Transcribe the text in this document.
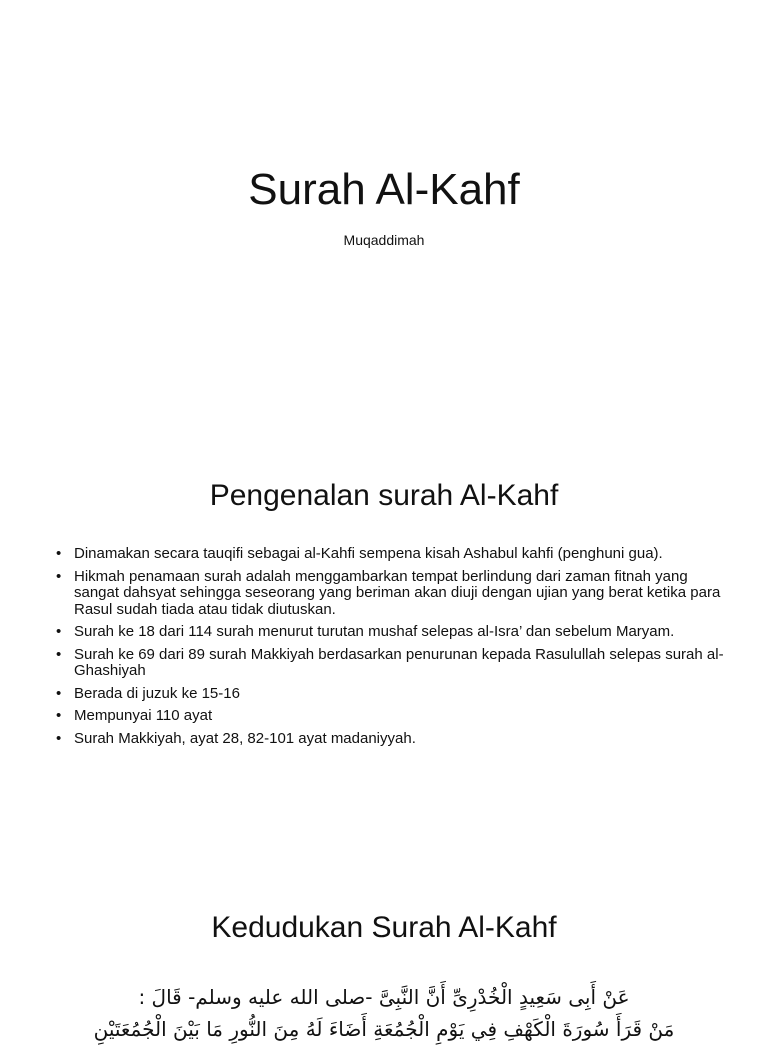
Surah Al-Kahf

Muqaddimah

Pengenalan surah Al-Kahf
• Dinamakan secara tauqifi sebagai al-Kahfi sempena kisah Ashabul kahfi (penghuni gua).
• Hikmah penamaan surah adalah menggambarkan tempat berlindung dari zaman fitnah yang sangat dahsyat sehingga seseorang yang beriman akan diuji dengan ujian yang berat ketika para Rasul sudah tiada atau tidak diutuskan.
• Surah ke 18 dari 114 surah menurut turutan mushaf selepas al-Isra’ dan sebelum Maryam.
• Surah ke 69 dari 89 surah Makkiyah berdasarkan penurunan kepada Rasulullah selepas surah al-Ghashiyah
• Berada di juzuk ke 15-16
• Mempunyai 110 ayat
• Surah Makkiyah, ayat 28, 82-101 ayat madaniyyah.
Kedudukan Surah Al-Kahf

عَنْ أَبِى سَعِيدٍ الْخُدْرِىِّ أَنَّ النَّبِىَّ -صلى الله عليه وسلم- قَالَ :

مَنْ قَرَأَ سُورَةَ الْكَهْفِ فِي يَوْمِ الْجُمُعَةِ أَضَاءَ لَهُ مِنَ النُّورِ مَا بَيْنَ الْجُمُعَتَيْنِ
